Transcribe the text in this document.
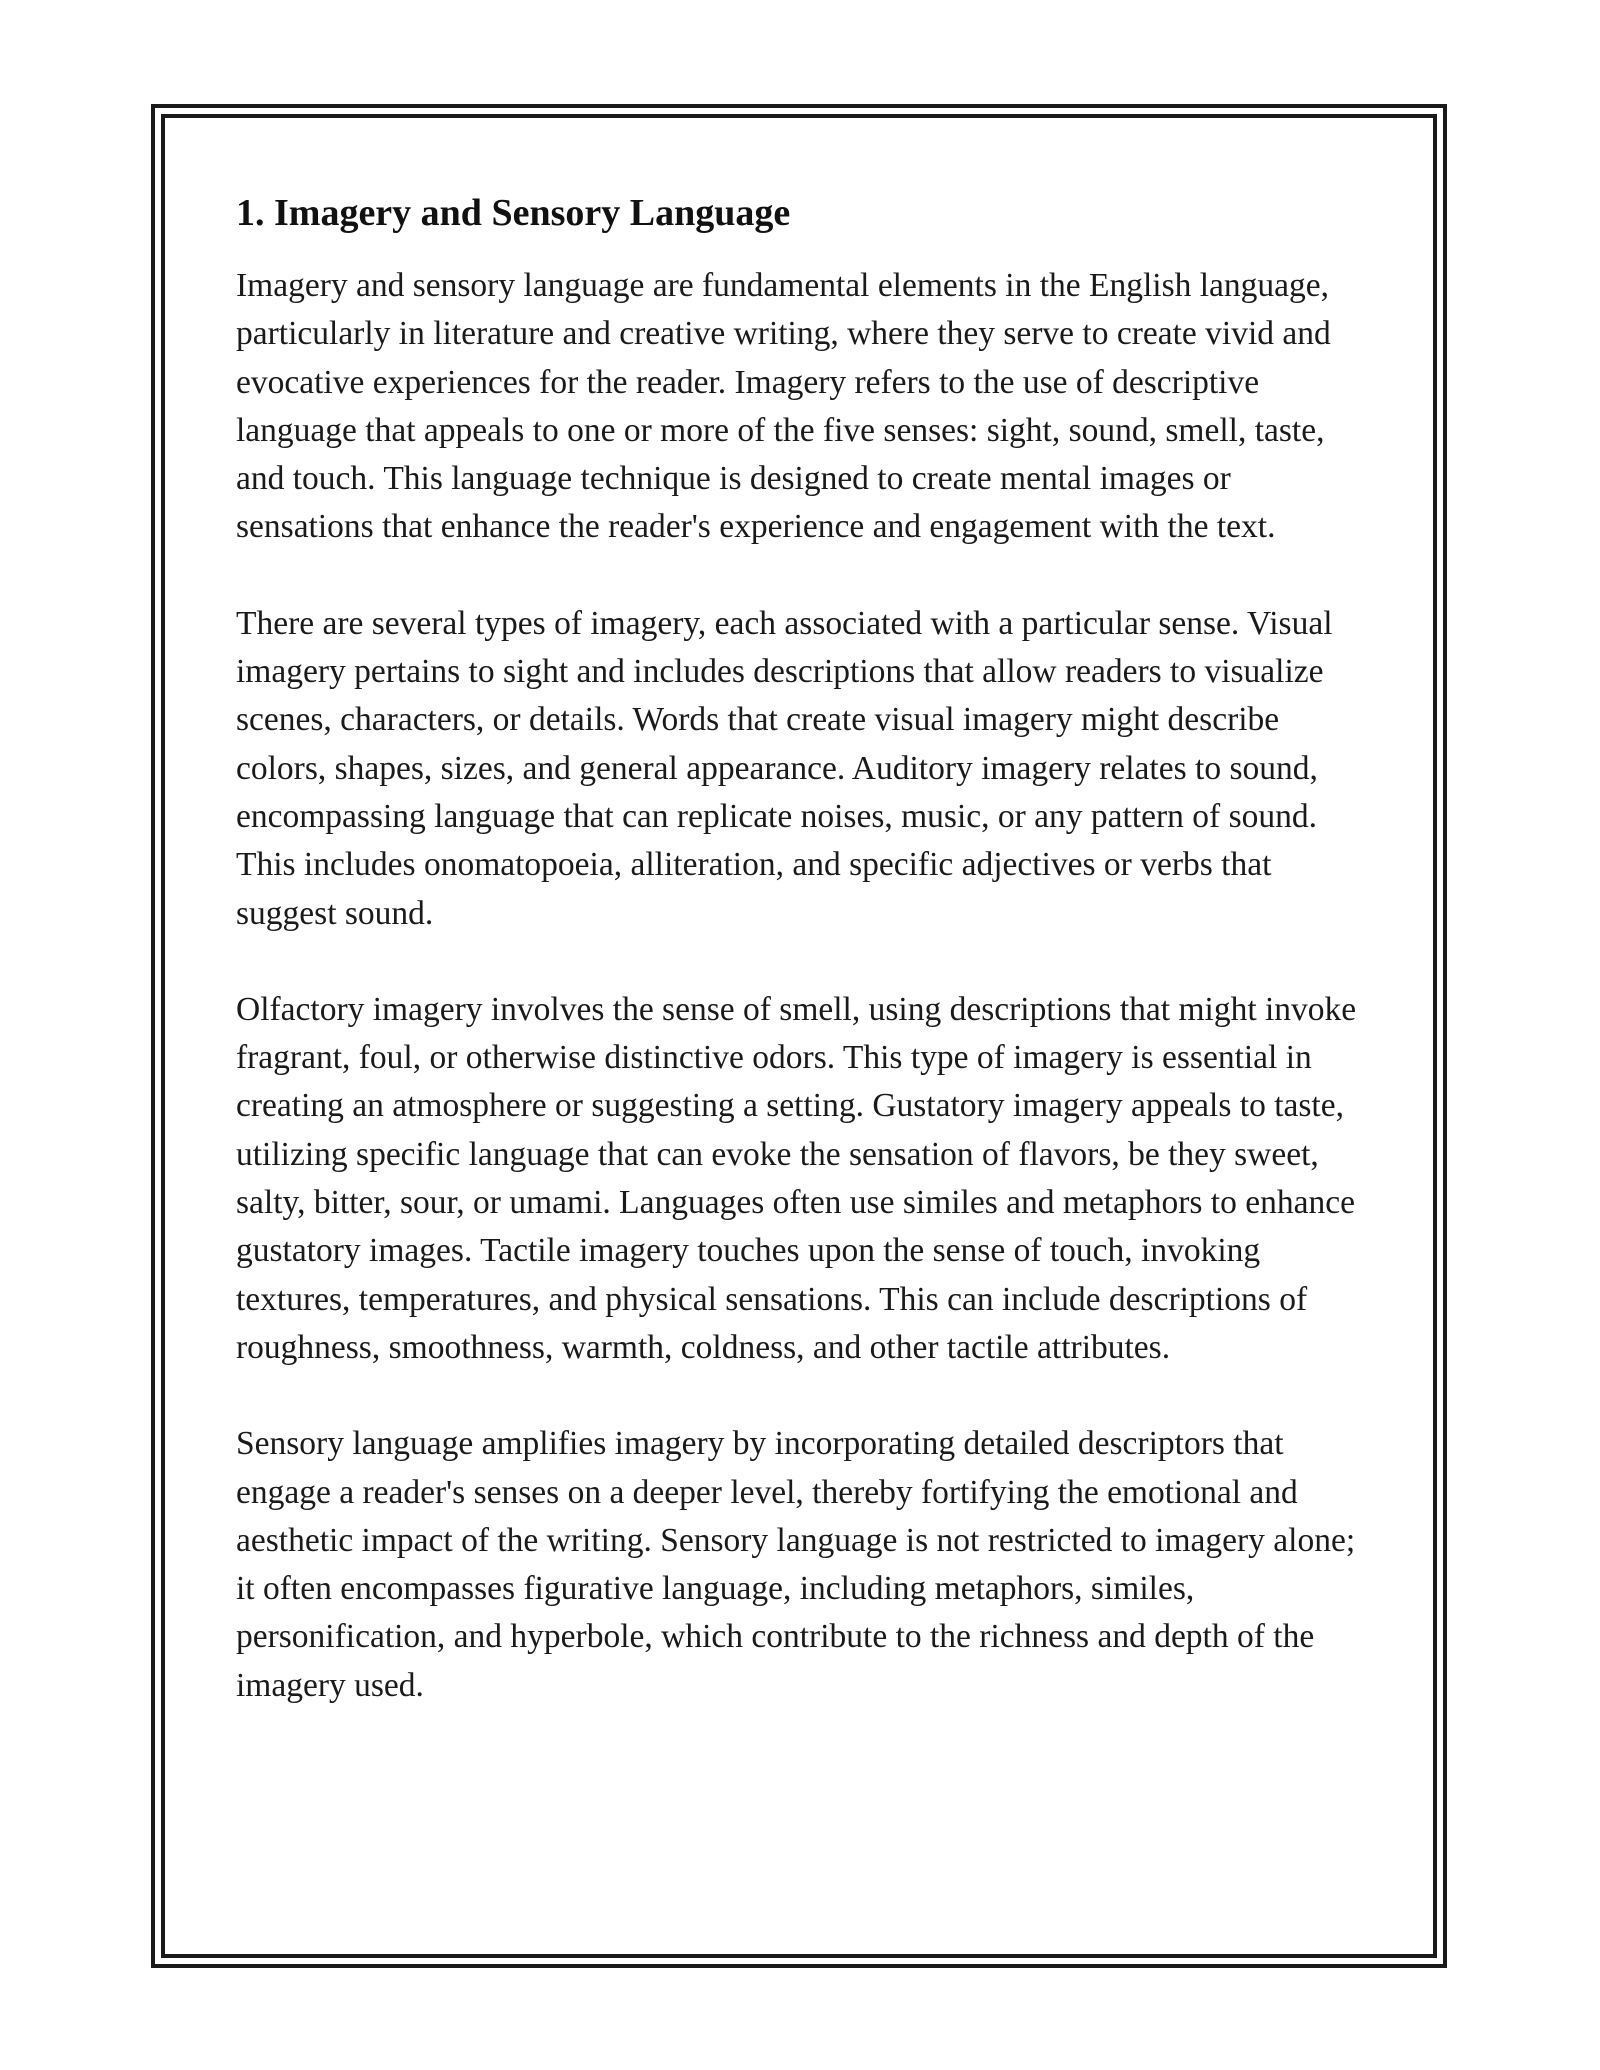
1. Imagery and Sensory Language

Imagery and sensory language are fundamental elements in the English language, particularly in literature and creative writing, where they serve to create vivid and evocative experiences for the reader. Imagery refers to the use of descriptive language that appeals to one or more of the five senses: sight, sound, smell, taste, and touch. This language technique is designed to create mental images or sensations that enhance the reader's experience and engagement with the text.

There are several types of imagery, each associated with a particular sense. Visual imagery pertains to sight and includes descriptions that allow readers to visualize scenes, characters, or details. Words that create visual imagery might describe colors, shapes, sizes, and general appearance. Auditory imagery relates to sound, encompassing language that can replicate noises, music, or any pattern of sound. This includes onomatopoeia, alliteration, and specific adjectives or verbs that suggest sound.

Olfactory imagery involves the sense of smell, using descriptions that might invoke fragrant, foul, or otherwise distinctive odors. This type of imagery is essential in creating an atmosphere or suggesting a setting. Gustatory imagery appeals to taste, utilizing specific language that can evoke the sensation of flavors, be they sweet, salty, bitter, sour, or umami. Languages often use similes and metaphors to enhance gustatory images. Tactile imagery touches upon the sense of touch, invoking textures, temperatures, and physical sensations. This can include descriptions of roughness, smoothness, warmth, coldness, and other tactile attributes.

Sensory language amplifies imagery by incorporating detailed descriptors that engage a reader's senses on a deeper level, thereby fortifying the emotional and aesthetic impact of the writing. Sensory language is not restricted to imagery alone; it often encompasses figurative language, including metaphors, similes, personification, and hyperbole, which contribute to the richness and depth of the imagery used.
